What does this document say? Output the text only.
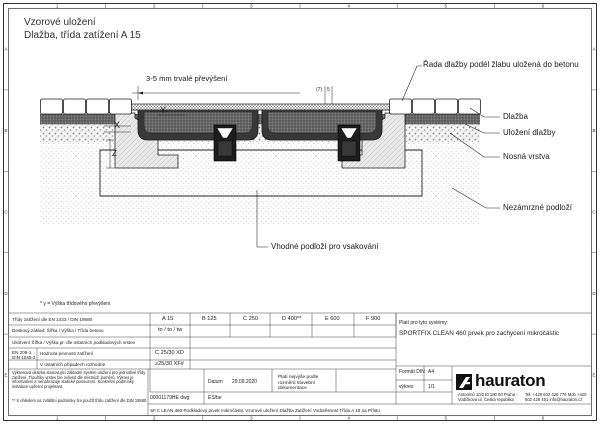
1
1
2
2
3
3
4
4
5
5
6
6
A	A
B	B
C	C
D	D
E	E
Vzorové uložení
Dlažba, třída zatížení A 15
Řada dlažby podél žlabu uložená do betonu
3-5 mm trvalé převýšení
Dlažba
Uložení dlažby
Nosná vrstva
Nezámrzné podloží
Vhodné podloží pro vsakování
X
Y
Z
(7) 5
* y = Výška třídového převýšení
Třídy zatížení dle EN 1433 / DIN 19580	A 15	B 125	C 250	D 400**	E 600	F 900
Deskový základ: Šířka / Výška / Třída betonu	to / to / tw
Ukotvení Šířka / Výška pr. dle ostatních podkladových vrstev
EN 206-1 DIN 1045-2
Hodnota pevnosti zatížení	C 25/30 XD
V ostatních případech rozhodne	≥25/30 XF#
Výkresová ukázka stanovující základní systém uložení pro jednotlivé třídy zatížení. Tloušťky vrstev lze ovlivnit dle místních poměrů. Výkres je informativní a nenahrazuje statické posouzení. Konkrétní podmínky instalace upřesní projektant.
** S ohledem na zvláštní podmínky lze použít třídu zatížení dle DIN 19580.
Datum 29.09.2020
Platí nejvýše podle rozměrů stavební dokumentace
00001179HE dwg	ES/be
Platí pro tyto systémy:
SPORTFIX CLEAN 460 prvek pro zachycení mikročástic
Formát DIN A4
výkres	1/1 hauraton
Antonínů 10/210 180 00 Praha - Vodičkova ul. Česká republika
Tel. +420 602 428 776 Mob +420 602 428 461 info@hauraton.cz
SF.C LEAN 460 Podkladový prvek mikročástic Vzorové uložení Dlažba Zatížení Vodotěsnost Třída A 15 na Přístu
